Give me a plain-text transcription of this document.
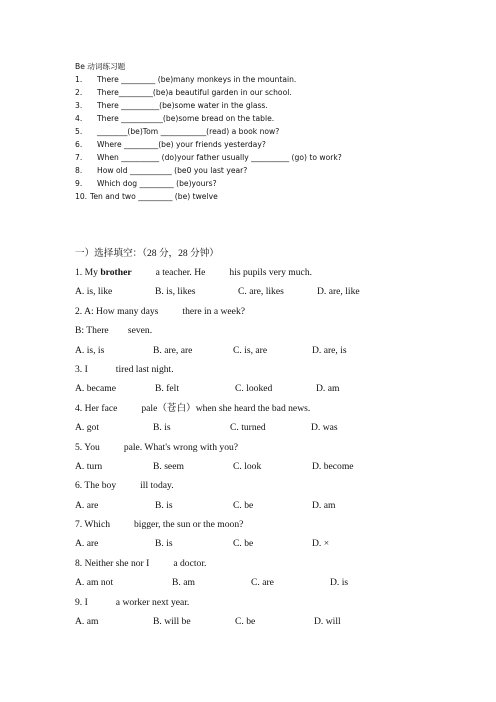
Be 动词练习题
1. There _________ (be)many monkeys in the mountain.
2. There_________(be)a beautiful garden in our school.
3. There __________(be)some water in the glass.
4. There ___________(be)some bread on the table.
5. ________(be)Tom ____________(read) a book now?
6. Where _________(be) your friends yesterday?
7. When __________ (do)your father usually __________ (go) to work?
8. How old ___________ (be0 you last year?
9. Which dog _________ (be)yours?
10. Ten and two _________ (be) twelve
一）选择填空：（28 分，28 分钟）
1. My brother	a teacher. He	his pupils very much.
A. is, like	B. is, likes	C. are, likes	D. are, like
2. A: How many days	there in a week?
B: There        seven.
A. is, is	B. are, are	C. is, are	D. are, is
3. I	tired last night.
A. became	B. felt	C. looked	D. am
4. Her face	pale（苍白）when she heard the bad news.
A. got	B. is	C. turned	D. was
5. You	pale. What's wrong with you?
A. turn	B. seem	C. look	D. become
6. The boy	ill today.
A. are	B. is	C. be	D. am
7. Which	bigger, the sun or the moon?
A. are	B. is	C. be	D. ×
8. Neither she nor I	a doctor.
A. am not	B. am	C. are	D. is
9. I	a worker next year.
A. am	B. will be	C. be	D. will
